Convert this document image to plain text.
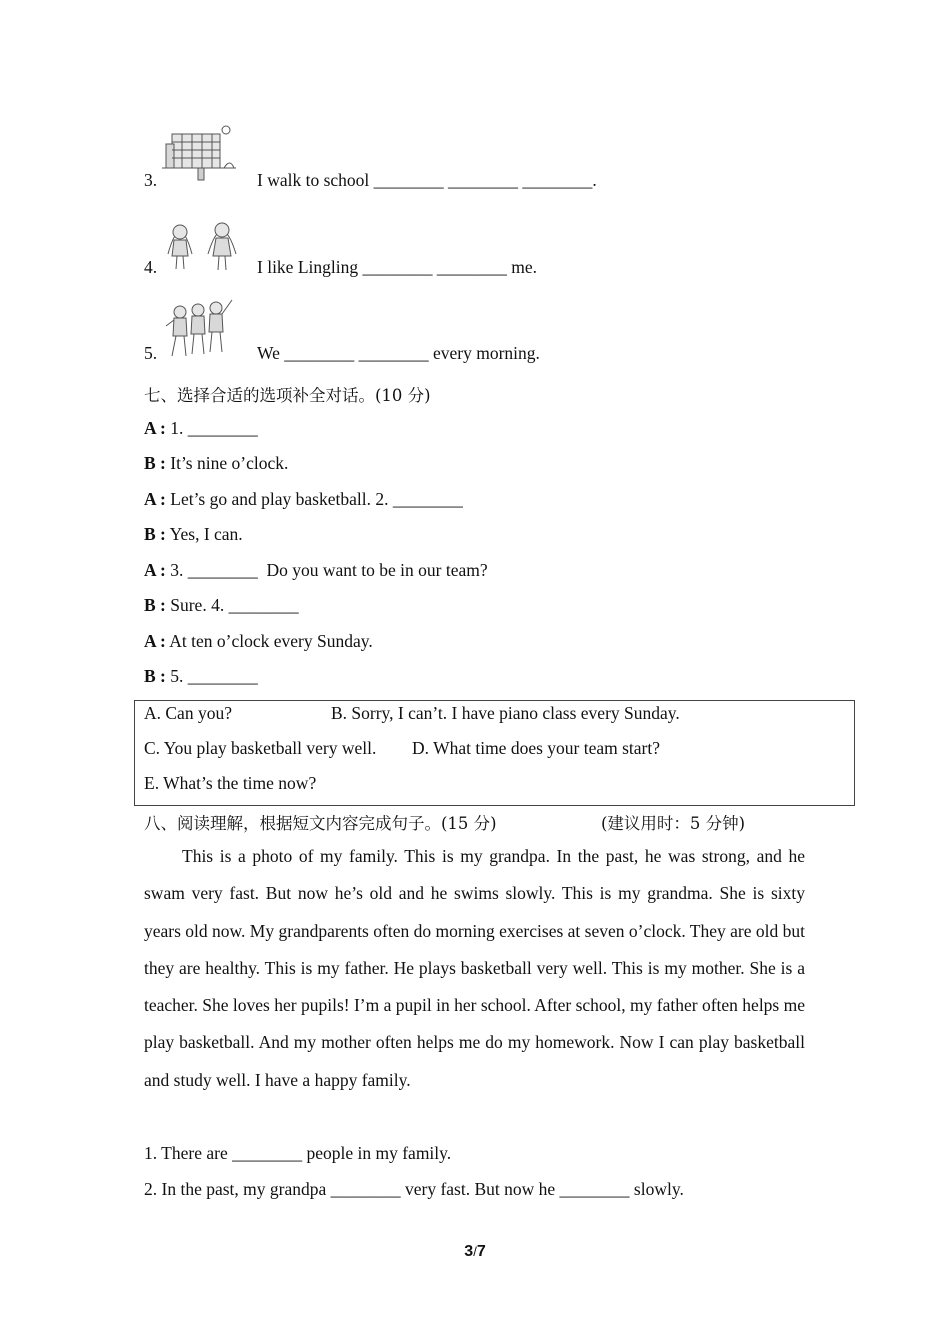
3.	I walk to school ________ ________ ________.
4.	I like Lingling ________ ________ me.
5.	We ________ ________ every morning.
七、选择合适的选项补全对话。(10 分)
A : 1. ________
B : It’s nine o’clock.
A : Let’s go and play basketball. 2. ________
B : Yes, I can.
A : 3. ________  Do you want to be in our team?
B : Sure. 4. ________
A : At ten o’clock every Sunday.
B : 5. ________
A. Can you?	B. Sorry, I can’t. I have piano class every Sunday.
C. You play basketball very well. D. What time does your team start?
E. What’s the time now?
八、阅读理解，根据短文内容完成句子。(15 分)	(建议用时：5 分钟)

This is a photo of my family. This is my grandpa. In the past, he was strong, and he swam very fast. But now he’s old and he swims slowly. This is my grandma. She is sixty years old now. My grandparents often do morning exercises at seven o’clock. They are old but they are healthy. This is my father. He plays basketball very well. This is my mother. She is a teacher. She loves her pupils! I’m a pupil in her school. After school, my father often helps me play basketball. And my mother often helps me do my homework. Now I can play basketball and study well. I have a happy family.

1. There are ________ people in my family.
2. In the past, my grandpa ________ very fast. But now he ________ slowly.
3/7
